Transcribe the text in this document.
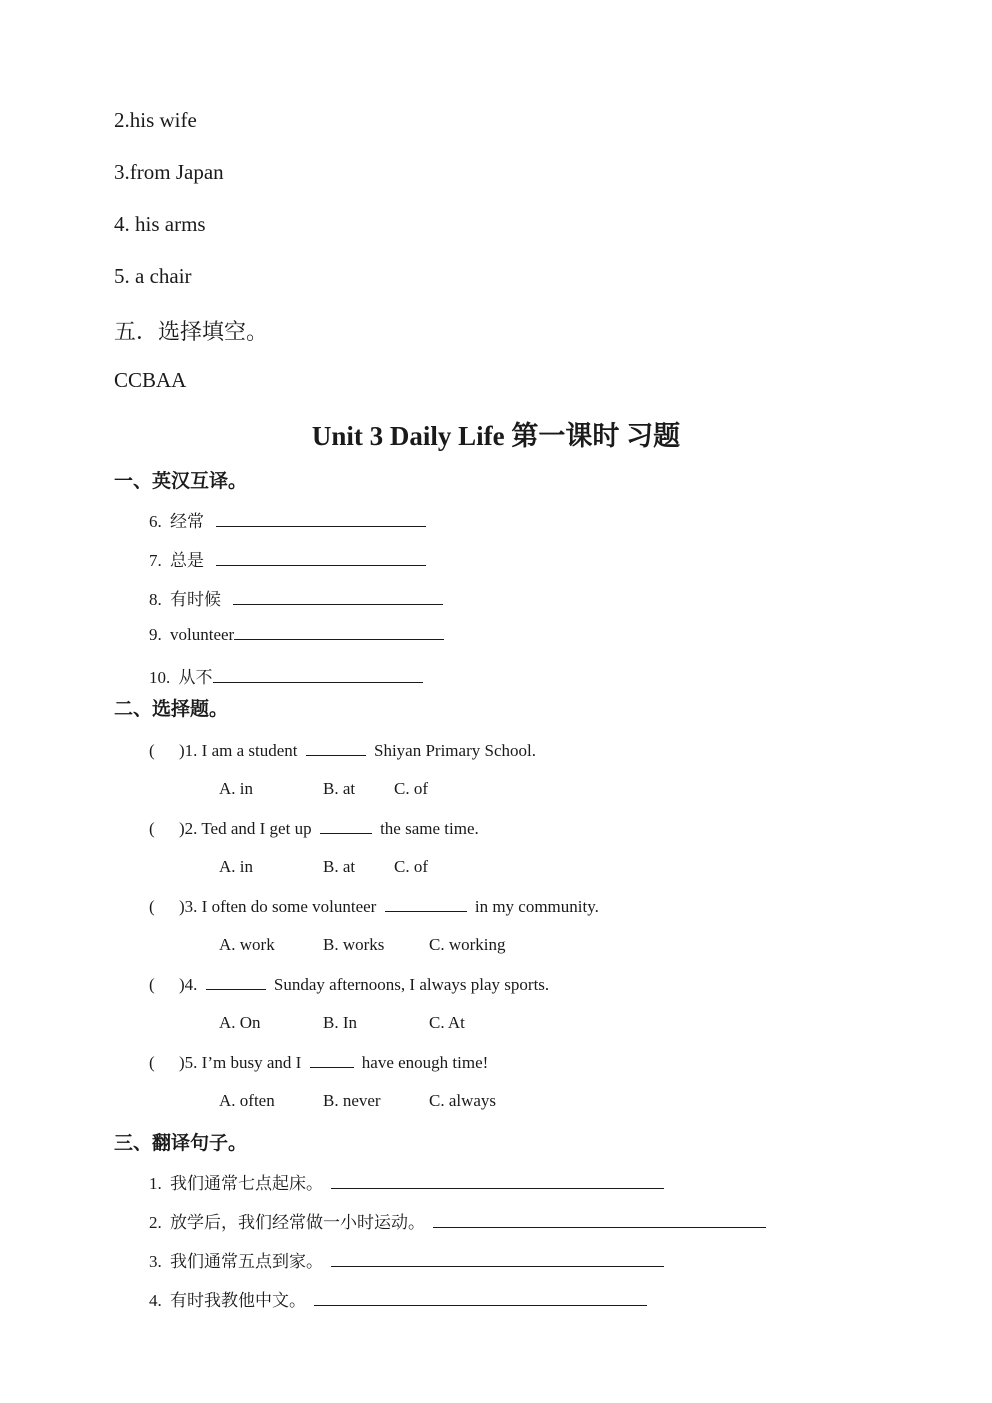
2.his wife
3.from Japan
4. his arms
5. a chair
五．选择填空。
CCBAA
Unit 3 Daily Life 第一课时 习题
一、英汉互译。
6. 经常
7. 总是
8. 有时候
9. volunteer
10. 从不
二、选择题。
( )1. I am a student	Shiyan Primary School.
A. in	B. at C. of
( )2. Ted and I get up	the same time.
A. in	B. at C. of
( )3. I often do some volunteer	in my community.
A. work	B. works	C. working
( )4.	Sunday afternoons, I always play sports.
A. On	B. In	C. At
( )5. I’m busy and I	have enough time!
A. often	B. never	C. always
三、翻译句子。
1. 我们通常七点起床。
2. 放学后，我们经常做一小时运动。
3. 我们通常五点到家。
4. 有时我教他中文。
